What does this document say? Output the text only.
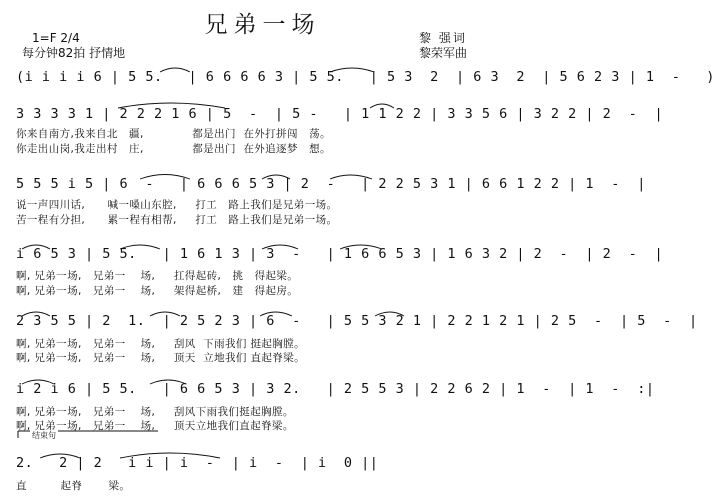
兄弟一场
1=F 2/4
每分钟82拍 抒情地
黎 强词
黎荣军曲
(i i i i 6 | 5 5.   | 6 6 6 6 3 | 5 5.   | 5 3  2  | 6 3  2  | 5 6 2 3 | 1  -   )
3 3 3 3 1 | 2 2 2 1 6 | 5  -  | 5 -   | 1 1 2 2 | 3 3 5 6 | 3 2 2 | 2  -  |
你来自南方,我来自北   疆,             都是出门  在外打拼闯   荡。
你走出山岗,我走出村   庄,             都是出门  在外追逐梦   想。
5 5 5 i 5 | 6  -   | 6 6 6 5 3 | 2  -   | 2 2 5 3 1 | 6 6 1 2 2 | 1  -  |
说一声四川话,      喊一嗓山东腔,     打工   路上我们是兄弟一场。
苦一程有分担,      累一程有相帮,     打工   路上我们是兄弟一场。
i 6 5 3 | 5 5.   | 1 6 1 3 | 3  -   | 1 6 6 5 3 | 1 6 3 2 | 2  -  | 2  -  |
啊, 兄弟一场,   兄弟一    场,     扛得起砖,   挑   得起梁。
啊, 兄弟一场,   兄弟一    场,     架得起桥,   建   得起房。
2 3 5 5 | 2  1.  | 2 5 2 3 | 6  -   | 5 5 3 2 1 | 2 2 1 2 1 | 2 5  -  | 5  -  |
啊, 兄弟一场,   兄弟一    场,     刮风  下雨我们 挺起胸膛。
啊, 兄弟一场,   兄弟一    场,     顶天  立地我们 直起脊梁。
i 2 i 6 | 5 5.   | 6 6 5 3 | 3 2.   | 2 5 5 3 | 2 2 6 2 | 1  -  | 1  -  :|
啊, 兄弟一场,   兄弟一    场,     刮风下雨我们挺起胸膛。
啊, 兄弟一场,   兄弟一    场,     顶天立地我们直起脊梁。
结束句
2.   2 | 2   i i | i  -  | i  -  | i  0 ||
直         起脊       梁。
